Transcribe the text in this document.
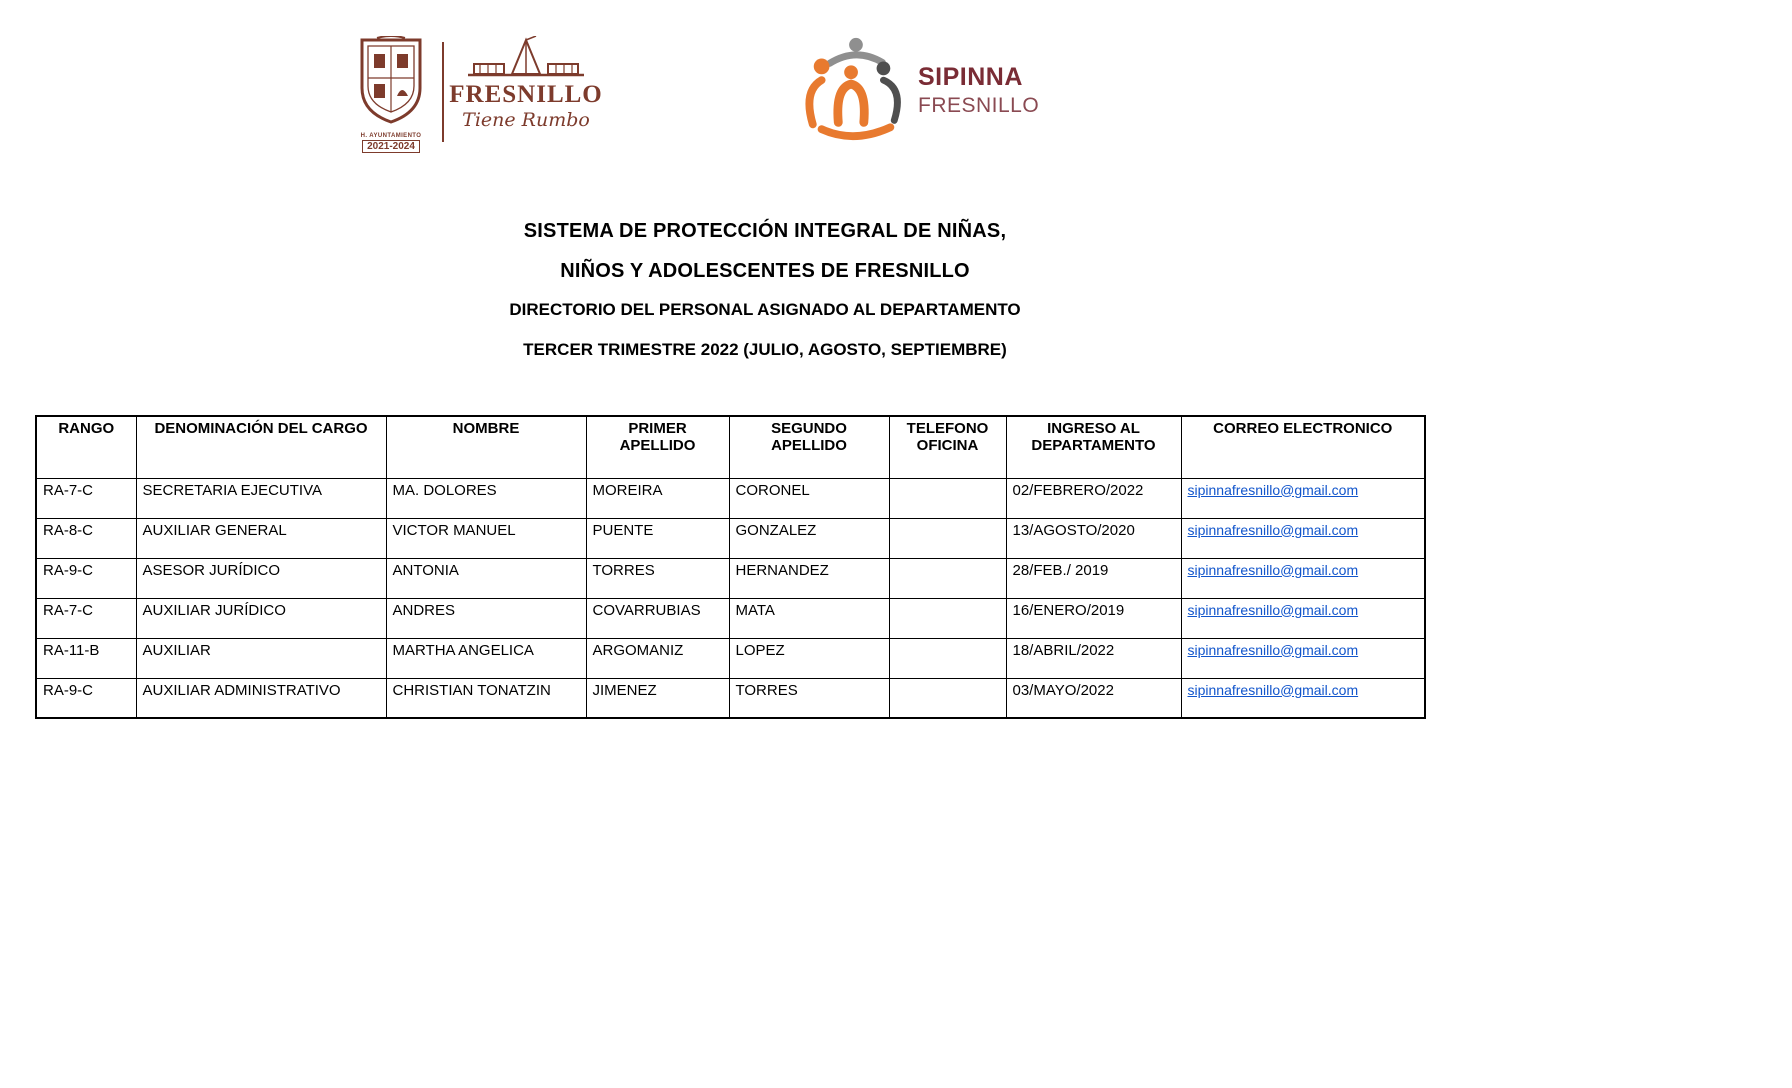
H. AYUNTAMIENTO
2021-2024
FRESNILLO
Tiene Rumbo
SIPINNA
FRESNILLO
SISTEMA DE PROTECCIÓN INTEGRAL DE NIÑAS,
NIÑOS Y ADOLESCENTES DE FRESNILLO
DIRECTORIO DEL PERSONAL ASIGNADO AL DEPARTAMENTO
TERCER TRIMESTRE 2022 (JULIO, AGOSTO, SEPTIEMBRE)
RANGO	DENOMINACIÓN DEL CARGO	NOMBRE	PRIMER APELLIDO	SEGUNDO APELLIDO	TELEFONO OFICINA	INGRESO AL DEPARTAMENTO	CORREO ELECTRONICO
RA-7-C	SECRETARIA EJECUTIVA	MA. DOLORES	MOREIRA	CORONEL		02/FEBRERO/2022	sipinnafresnillo@gmail.com
RA-8-C	AUXILIAR GENERAL	VICTOR MANUEL	PUENTE	GONZALEZ		13/AGOSTO/2020	sipinnafresnillo@gmail.com
RA-9-C	ASESOR JURÍDICO	ANTONIA	TORRES	HERNANDEZ		28/FEB./ 2019	sipinnafresnillo@gmail.com
RA-7-C	AUXILIAR JURÍDICO	ANDRES	COVARRUBIAS	MATA		16/ENERO/2019	sipinnafresnillo@gmail.com
RA-11-B	AUXILIAR	MARTHA ANGELICA	ARGOMANIZ	LOPEZ		18/ABRIL/2022	sipinnafresnillo@gmail.com
RA-9-C	AUXILIAR ADMINISTRATIVO	CHRISTIAN TONATZIN	JIMENEZ	TORRES		03/MAYO/2022	sipinnafresnillo@gmail.com
